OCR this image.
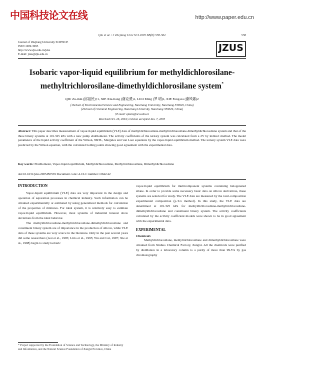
中国科技论文在线	http://www.paper.edu.cn
Qiu et al. / J Zhejiang Univ SCI 2005 6B(6):558-562	558
Journal of Zhejiang University SCIENCE
ISSN 1009-3095
http://www.zju.edu.cn/jzus
E-mail: jzus@zju.edu.cn	JZUS
Isobaric vapor-liquid equilibrium for methyldichlorosilane-
methyltrichlorosilane-dimethyldichlorosilane system*
QIU Zu-min (邱祖民)†1, XIE Xiu-liang (谢克勇)1, LUO Ming (罗 明)1, XIE Feng-na (谢风娜)2
(1School of Environmental Science and Engineering, Nanchang University, Nanchang 330029, China)
(2School of Chemical Engineering, Nanchang University, Nanchang 330029, China)
†E-mail: qiuzm@ncu.edu.cn
Received Oct. 26, 2004; revision accepted Jan. 7, 2005
Abstract: This paper describes measurement of vapor-liquid equilibrium (VLE) data of methyldichlorosilane-methyltrichlorosilane-dimethyldichlorosilane system and that of the three binary systems at 101.325 kPa with a new pump ebulliometer. The activity coefficients of the ternary system was calculated from a 2V by indirect method. The model parameters of the liquid activity coefficient of the Wilson, NRTL, Margules and van Laar equations by the vapor-liquid equilibrium method. The ternary system VLE data were predicted by the Wilson equation, with the calculated boiling points showing good agreement with the experimental data.
Key words: Ebulliometer, Vapor-liquid equilibrium, Methyldichlorosilane, Methyltrichlorosilane, Dimethyldichlorosilane
doi:10.1631/jzus.2005.B0559 Document code: A CLC number: O642.42
INTRODUCTION
Vapor-liquid equilibrium (VLE) data are very important in the design and operation of separation processes in chemical industry. Such information can be obtained experimentally or estimated by using generalized methods for calculation of the properties of mixtures. For ideal system, it is relatively easy to estimate vapor-liquid equilibrium. However, most systems of industrial interest show deviations from the ideal behavior.
The methyldichlorosilane-methyltrichlorosilane-dimethyldichlorosilane and constituent binary system are of importance in the production of silicon, while VLE data of these systems are very scarce in the literature. Only in the past several years did some researchers (Aoi et al., 1995; Lirio et al., 1995; Wu and Cai, 1997; Xie et al., 1998) begin to study isobaric
vapor-liquid equilibrium for multicomponent systems containing halogenated silane. In order to provide some necessary basic data on silicon derivatives, these systems are selected for study. The VLE data are measured by the total-composition experimental composition (p-T-x method). In this study, the VLE data are determined at 101.325 kPa for methyldichlorosilane-methyltrichlorosilane-dimethyldichlorosilane and constituent binary system. The activity coefficients calculated by the activity coefficient models were shown to be in good agreement with the experimental data.
EXPERIMENTAL
Chemicals
Methyldichlorosilane, methyltrichlorosilane and dimethyldichlorosilane were obtained from Xinhuo Chemical Factory, Jiangxi. All the chemicals were purified by distillation in a laboratory column to a purity of more than 99.5% by gas chromatography
* Project supported by the Foundation of Science and Technology, the Ministry of Industry and Information, and the Natural Science Foundation of Jiangxi Province, China
